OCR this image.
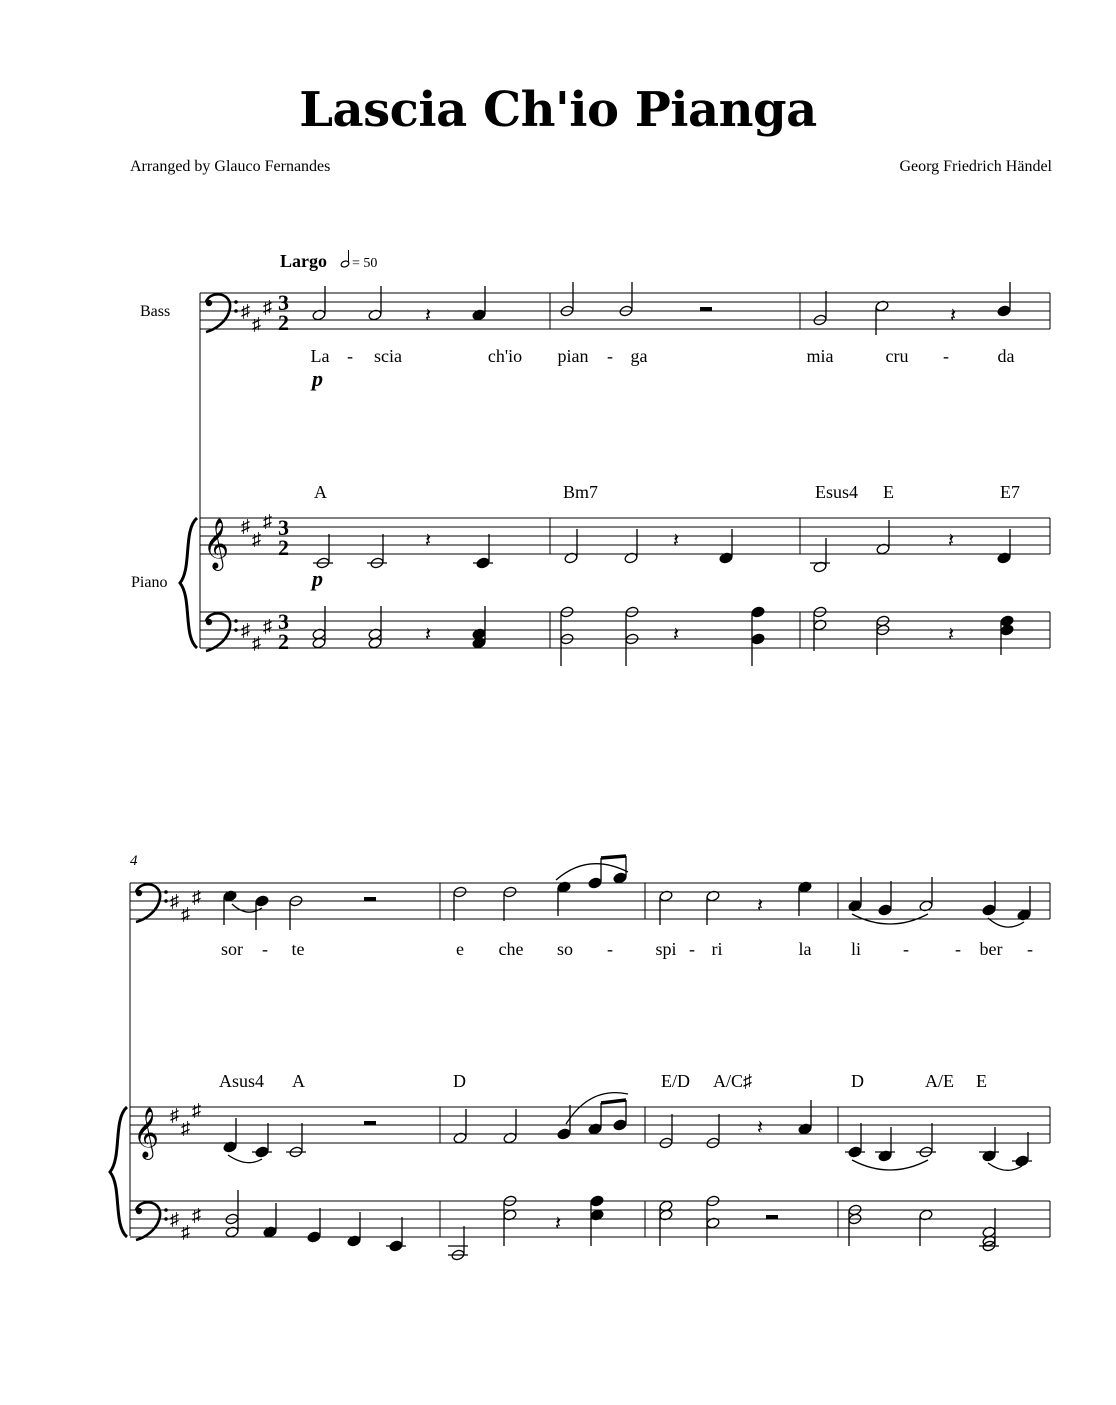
Lascia Ch'io Pianga
Arranged by Glauco Fernandes	Georg Friedrich Händel
Largo = 50
Bass
Piano
♯
♯
♯ 3
2	𝄽	𝄽
La - scia	ch'io pian - ga	mia	cru -	da
p
A	Bm7	Esus4 E	E7
𝄞 ♯
♯
♯ 3
2	𝄽	𝄽	𝄽
p
♯
♯
♯ 3
2	𝄽	𝄽	𝄽
4
♯
♯
♯	𝄽
sor - te	e che so - spi - ri	la li -	- ber -
Asus4 A	D	E/D A/C♯	D	A/E E
𝄞 ♯
♯
♯
𝄽
♯
♯
♯	𝄽
